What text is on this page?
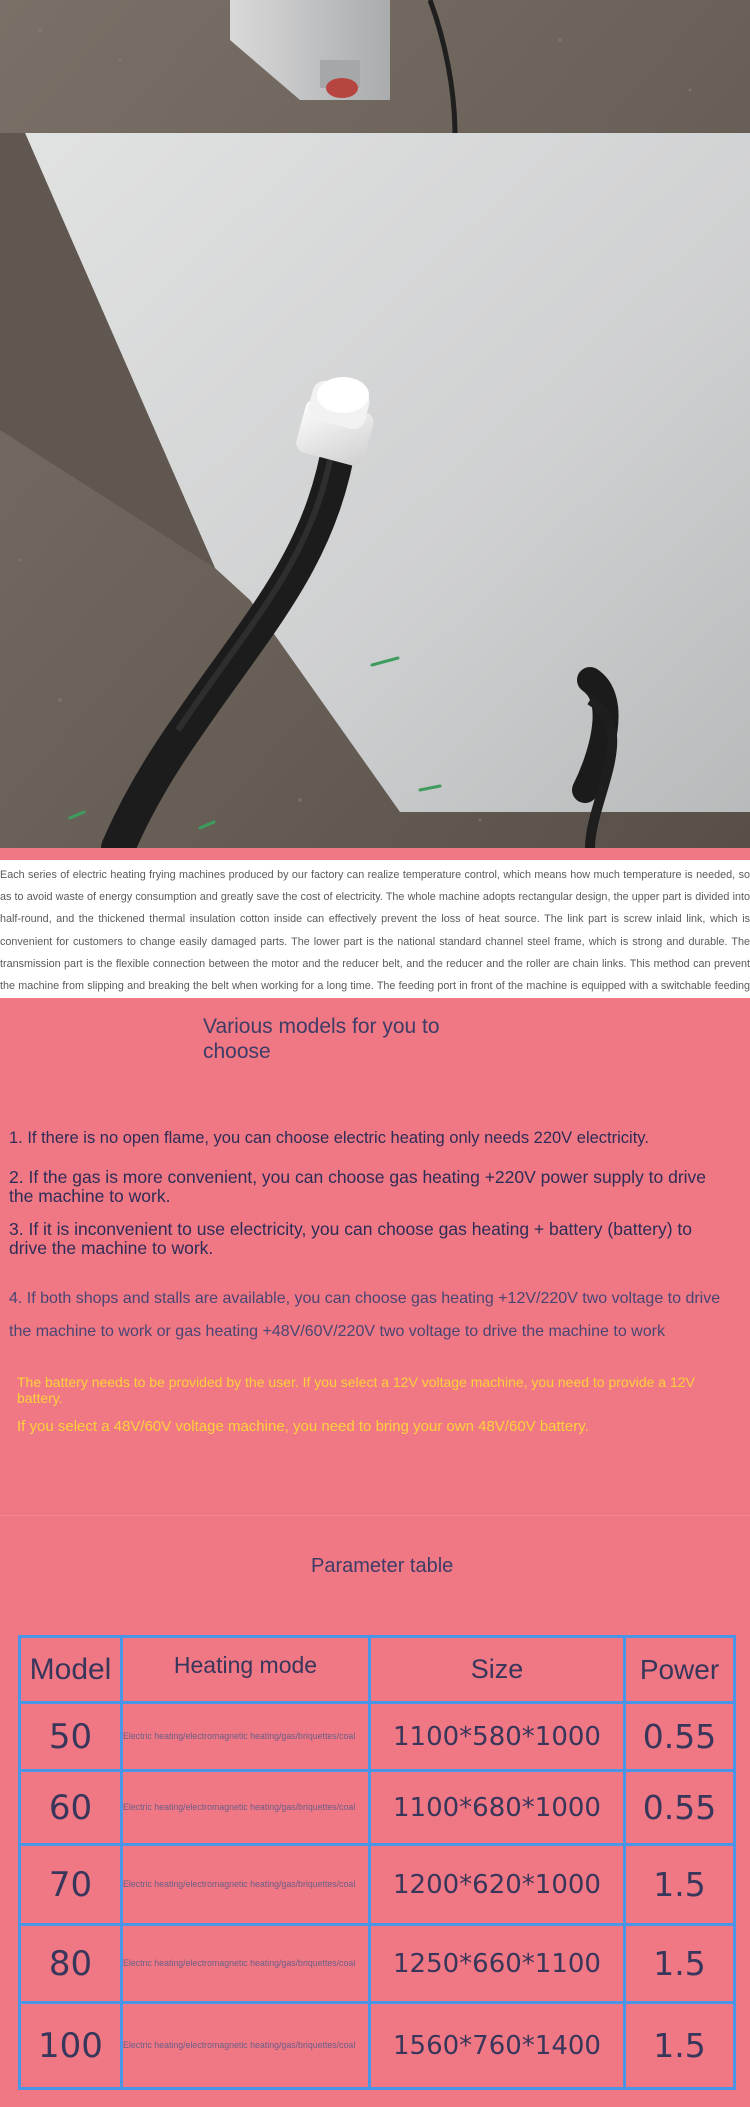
Each series of electric heating frying machines produced by our factory can realize temperature control, which means how much temperature is needed, so as to avoid waste of energy consumption and greatly save the cost of electricity. The whole machine adopts rectangular design, the upper part is divided into half-round, and the thickened thermal insulation cotton inside can effectively prevent the loss of heat source. The link part is screw inlaid link, which is convenient for customers to change easily damaged parts. The lower part is the national standard channel steel frame, which is strong and durable. The transmission part is the flexible connection between the motor and the reducer belt, and the reducer and the roller are chain links. This method can prevent the machine from slipping and breaking the belt when working for a long time. The feeding port in front of the machine is equipped with a switchable feeding

Various models for you to choose
1. If there is no open flame, you can choose electric heating only needs 220V electricity.
2. If the gas is more convenient, you can choose gas heating +220V power supply to drive the machine to work.
3. If it is inconvenient to use electricity, you can choose gas heating + battery (battery) to drive the machine to work.
4. If both shops and stalls are available, you can choose gas heating +12V/220V two voltage to drive the machine to work or gas heating +48V/60V/220V two voltage to drive the machine to work
The battery needs to be provided by the user. If you select a 12V voltage machine, you need to provide a 12V battery.
If you select a 48V/60V voltage machine, you need to bring your own 48V/60V battery.
Parameter table
Model	Heating mode	Size	Power
50	Electric heating/electromagnetic heating/gas/briquettes/coal	1100*580*1000	0.55
60	Electric heating/electromagnetic heating/gas/briquettes/coal	1100*680*1000	0.55
70	Electric heating/electromagnetic heating/gas/briquettes/coal	1200*620*1000	1.5
80	Electric heating/electromagnetic heating/gas/briquettes/coal	1250*660*1100	1.5
100	Electric heating/electromagnetic heating/gas/briquettes/coal	1560*760*1400	1.5
